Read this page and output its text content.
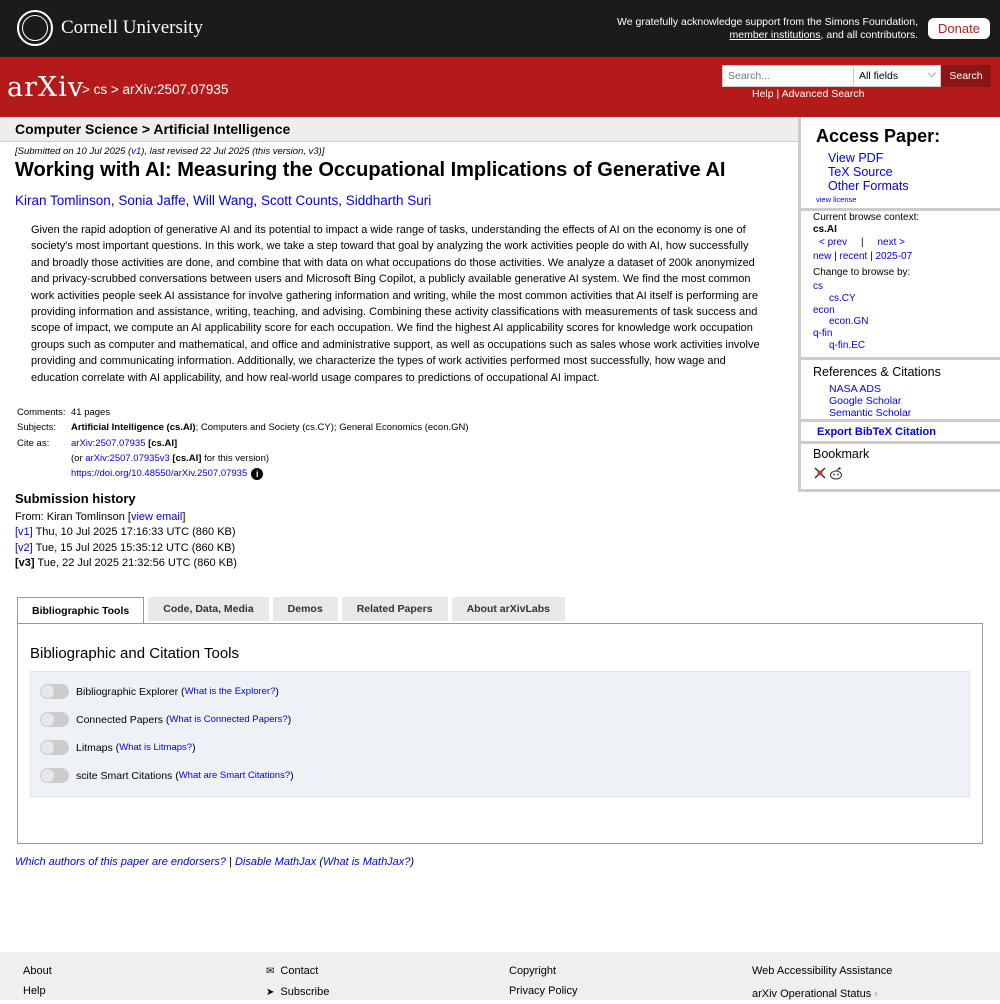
Cornell University	We gratefully acknowledge support from the Simons Foundation, member institutions, and all contributors.	Donate
arXiv
> cs > arXiv:2507.07935
Search...
All fields	⌵	Search
Help | Advanced Search
Computer Science > Artificial Intelligence
[Submitted on 10 Jul 2025 (v1), last revised 22 Jul 2025 (this version, v3)]
Working with AI: Measuring the Occupational Implications of Generative AI
Kiran Tomlinson, Sonia Jaffe, Will Wang, Scott Counts, Siddharth Suri
Given the rapid adoption of generative AI and its potential to impact a wide range of tasks, understanding the effects of AI on the economy is one of society's most important questions. In this work, we take a step toward that goal by analyzing the work activities people do with AI, how successfully and broadly those activities are done, and combine that with data on what occupations do those activities. We analyze a dataset of 200k anonymized and privacy-scrubbed conversations between users and Microsoft Bing Copilot, a publicly available generative AI system. We find the most common work activities people seek AI assistance for involve gathering information and writing, while the most common activities that AI itself is performing are providing information and assistance, writing, teaching, and advising. Combining these activity classifications with measurements of task success and scope of impact, we compute an AI applicability score for each occupation. We find the highest AI applicability scores for knowledge work occupation groups such as computer and mathematical, and office and administrative support, as well as occupations such as sales whose work activities involve providing and communicating information. Additionally, we characterize the types of work activities performed most successfully, how wage and education correlate with AI applicability, and how real-world usage compares to predictions of occupational AI impact.
Comments: 41 pages
Subjects:	Artificial Intelligence (cs.AI); Computers and Society (cs.CY); General Economics (econ.GN)
Cite as:	arXiv:2507.07935 [cs.AI]
(or arXiv:2507.07935v3 [cs.AI] for this version)
https://doi.org/10.48550/arXiv.2507.07935 i
Submission history
From: Kiran Tomlinson [view email]
[v1] Thu, 10 Jul 2025 17:16:33 UTC (860 KB)
[v2] Tue, 15 Jul 2025 15:35:12 UTC (860 KB)
[v3] Tue, 22 Jul 2025 21:32:56 UTC (860 KB)
Bibliographic Tools	Code, Data, Media	Demos	Related Papers	About arXivLabs
Bibliographic and Citation Tools
Bibliographic Explorer ( What is the Explorer? )
Connected Papers ( What is Connected Papers? )
Litmaps ( What is Litmaps? )
scite Smart Citations ( What are Smart Citations? )
Which authors of this paper are endorsers? | Disable MathJax (What is MathJax?)
Access Paper:
View PDF
TeX Source
Other Formats
view license
Current browse context:
cs.AI
< prev | next >
new | recent | 2025-07
Change to browse by:
cs
cs.CY
econ
econ.GN
q-fin
q-fin.EC
References & Citations
NASA ADS
Google Scholar
Semantic Scholar
Export BibTeX Citation
Bookmark
About
Help
✉ Contact
➤ Subscribe
Copyright
Privacy Policy
Web Accessibility Assistance
arXiv Operational Status ›
